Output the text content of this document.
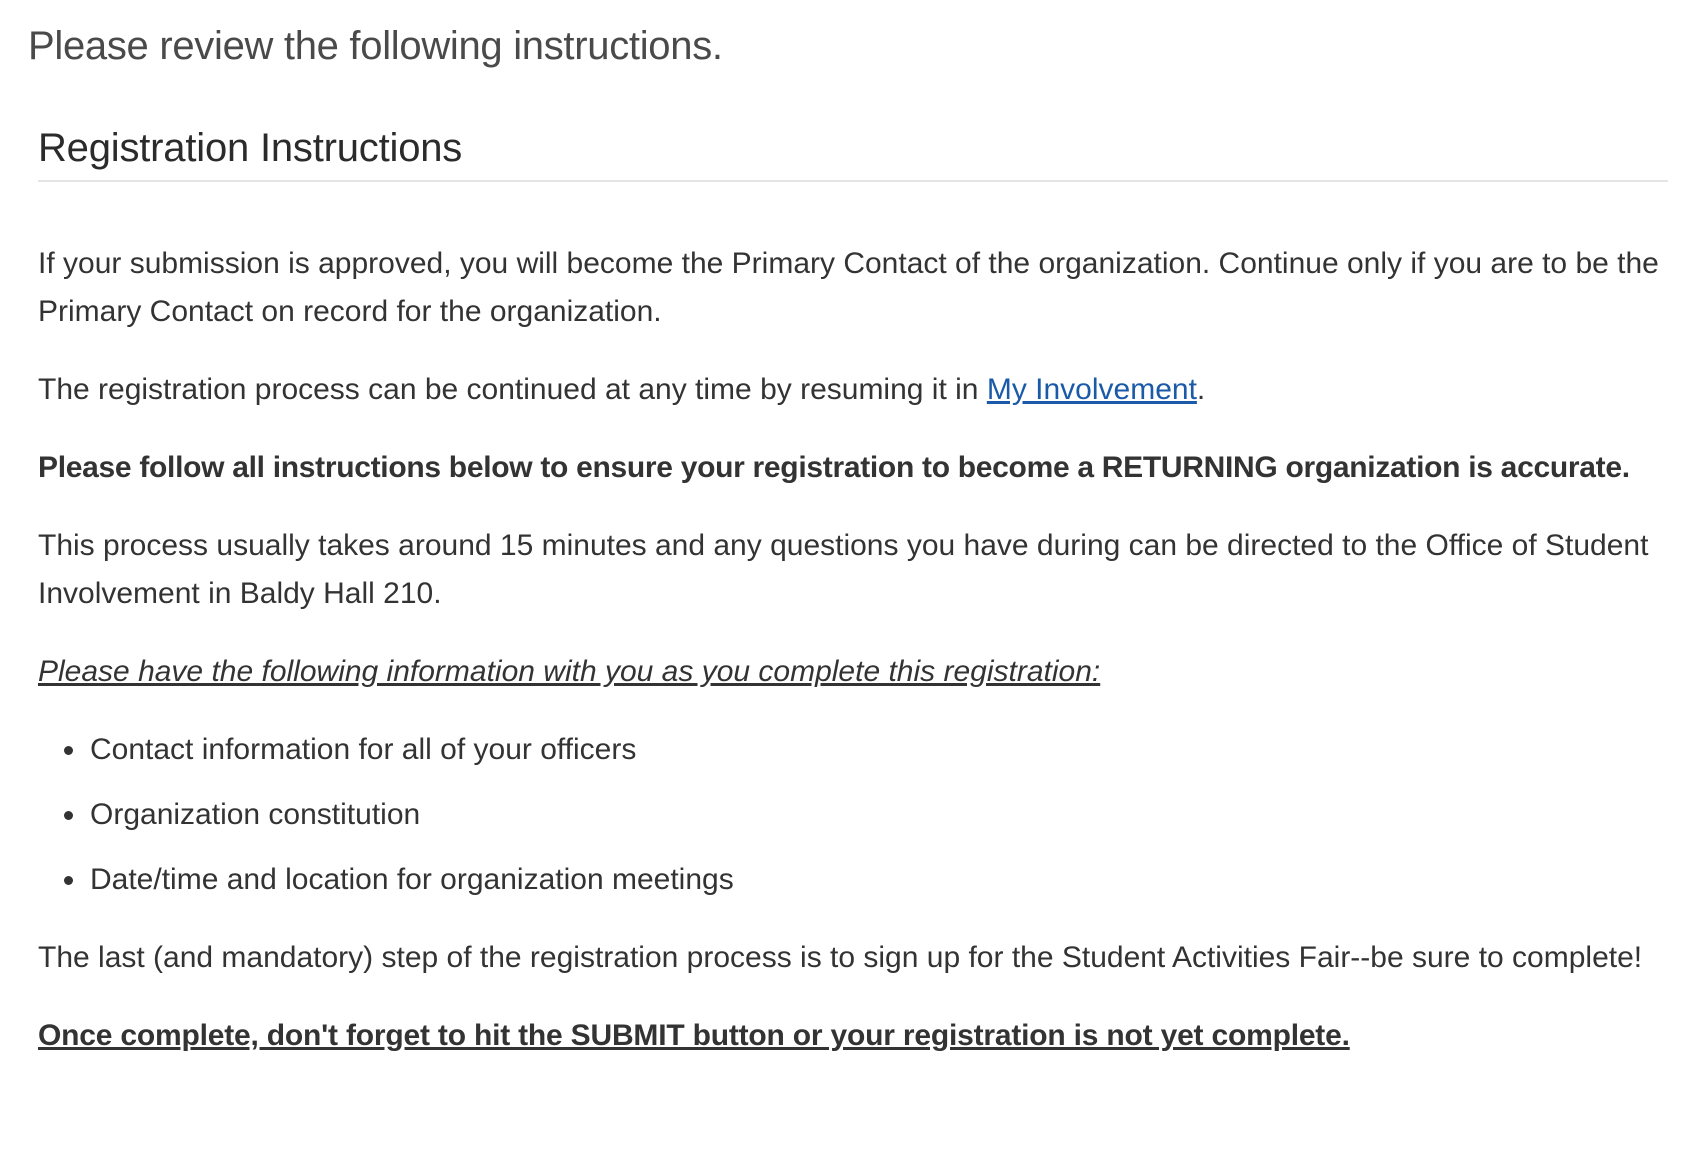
Please review the following instructions.
Registration Instructions

If your submission is approved, you will become the Primary Contact of the organization. Continue only if you are to be the Primary Contact on record for the organization.

The registration process can be continued at any time by resuming it in My Involvement.

Please follow all instructions below to ensure your registration to become a RETURNING organization is accurate.

This process usually takes around 15 minutes and any questions you have during can be directed to the Office of Student Involvement in Baldy Hall 210.

Please have the following information with you as you complete this registration:

• Contact information for all of your officers
• Organization constitution
• Date/time and location for organization meetings

The last (and mandatory) step of the registration process is to sign up for the Student Activities Fair--be sure to complete!

Once complete, don't forget to hit the SUBMIT button or your registration is not yet complete.
